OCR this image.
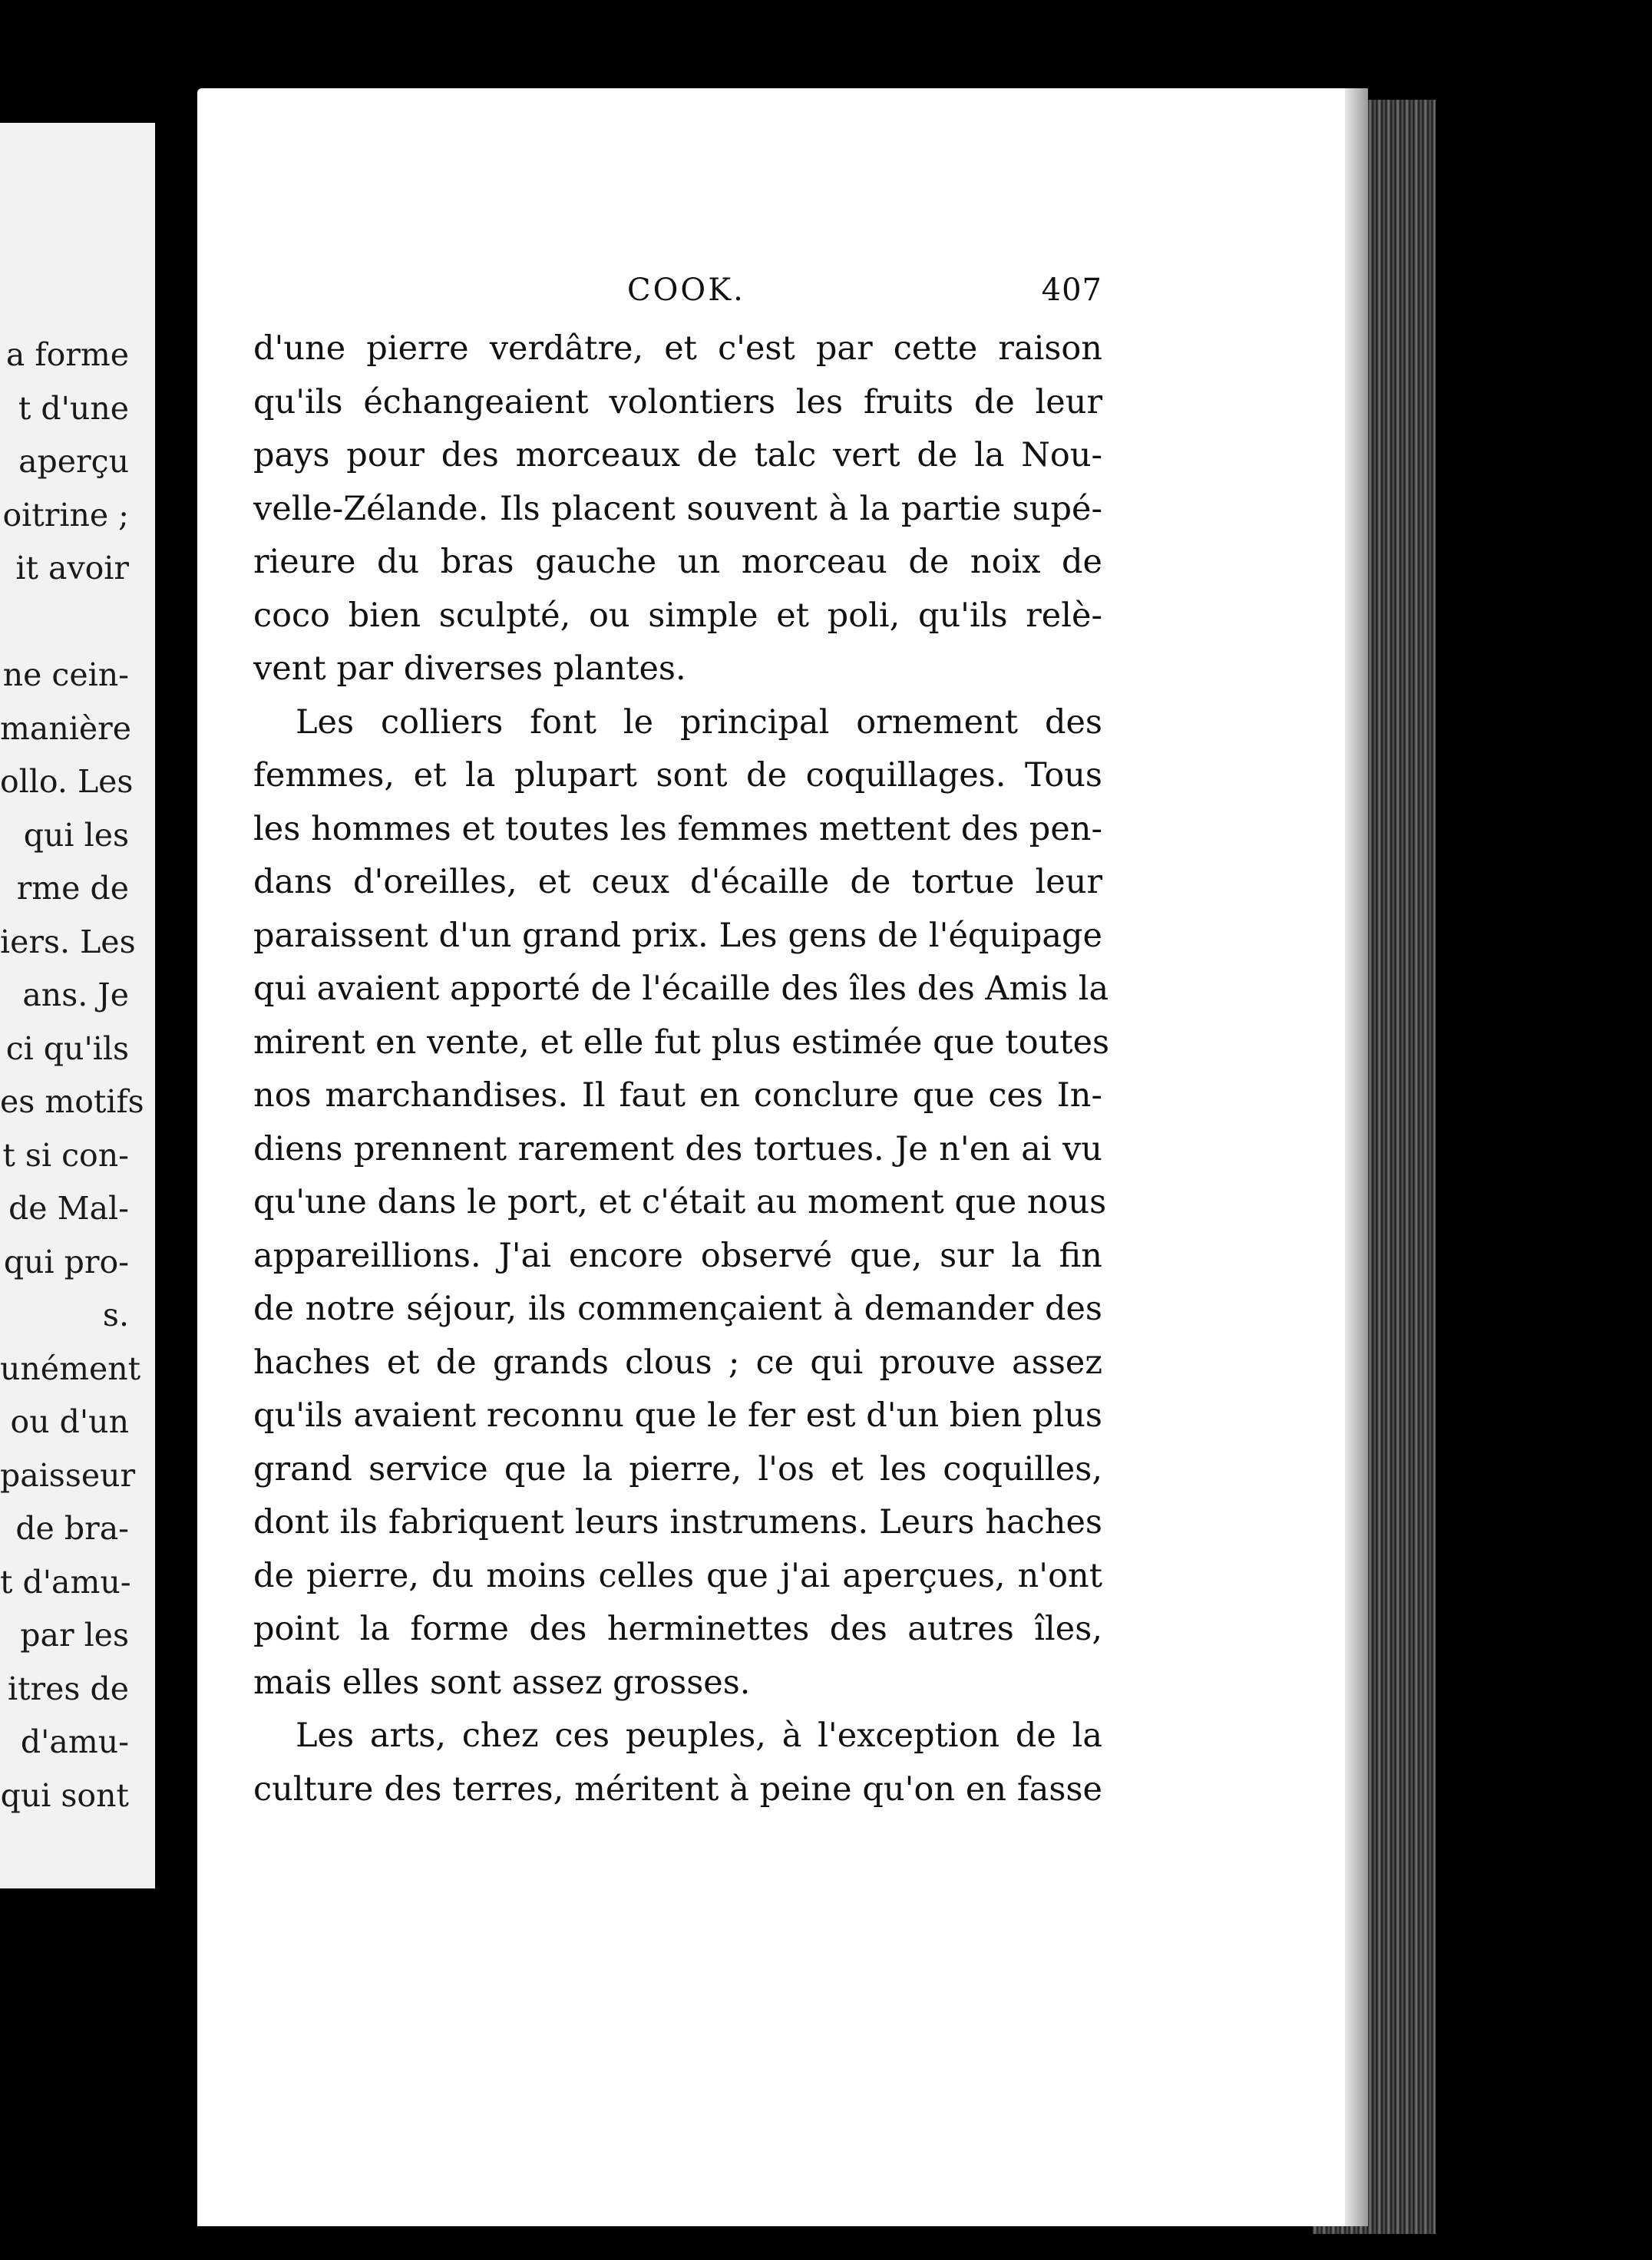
a forme
t d'une
aperçu
oitrine ;
it avoir
ne cein-
manière
ollo. Les
qui les
rme de
iers. Les
ans. Je
ci qu'ils
es motifs
t si con-
de Mal-
qui pro-
s.
unément
ou d'un
paisseur
de bra-
t d'amu-
par les
itres de
d'amu-
qui sont
COOK.	407
d'une pierre verdâtre, et c'est par cette raison
qu'ils échangeaient volontiers les fruits de leur
pays pour des morceaux de talc vert de la Nou-
velle-Zélande. Ils placent souvent à la partie supé-
rieure du bras gauche un morceau de noix de
coco bien sculpté, ou simple et poli, qu'ils relè-
vent par diverses plantes.
Les colliers font le principal ornement des
femmes, et la plupart sont de coquillages. Tous
les hommes et toutes les femmes mettent des pen-
dans d'oreilles, et ceux d'écaille de tortue leur
paraissent d'un grand prix. Les gens de l'équipage
qui avaient apporté de l'écaille des îles des Amis la
mirent en vente, et elle fut plus estimée que toutes
nos marchandises. Il faut en conclure que ces In-
diens prennent rarement des tortues. Je n'en ai vu
qu'une dans le port, et c'était au moment que nous
appareillions. J'ai encore observé que, sur la fin
de notre séjour, ils commençaient à demander des
haches et de grands clous ; ce qui prouve assez
qu'ils avaient reconnu que le fer est d'un bien plus
grand service que la pierre, l'os et les coquilles,
dont ils fabriquent leurs instrumens. Leurs haches
de pierre, du moins celles que j'ai aperçues, n'ont
point la forme des herminettes des autres îles,
mais elles sont assez grosses.
Les arts, chez ces peuples, à l'exception de la
culture des terres, méritent à peine qu'on en fasse
